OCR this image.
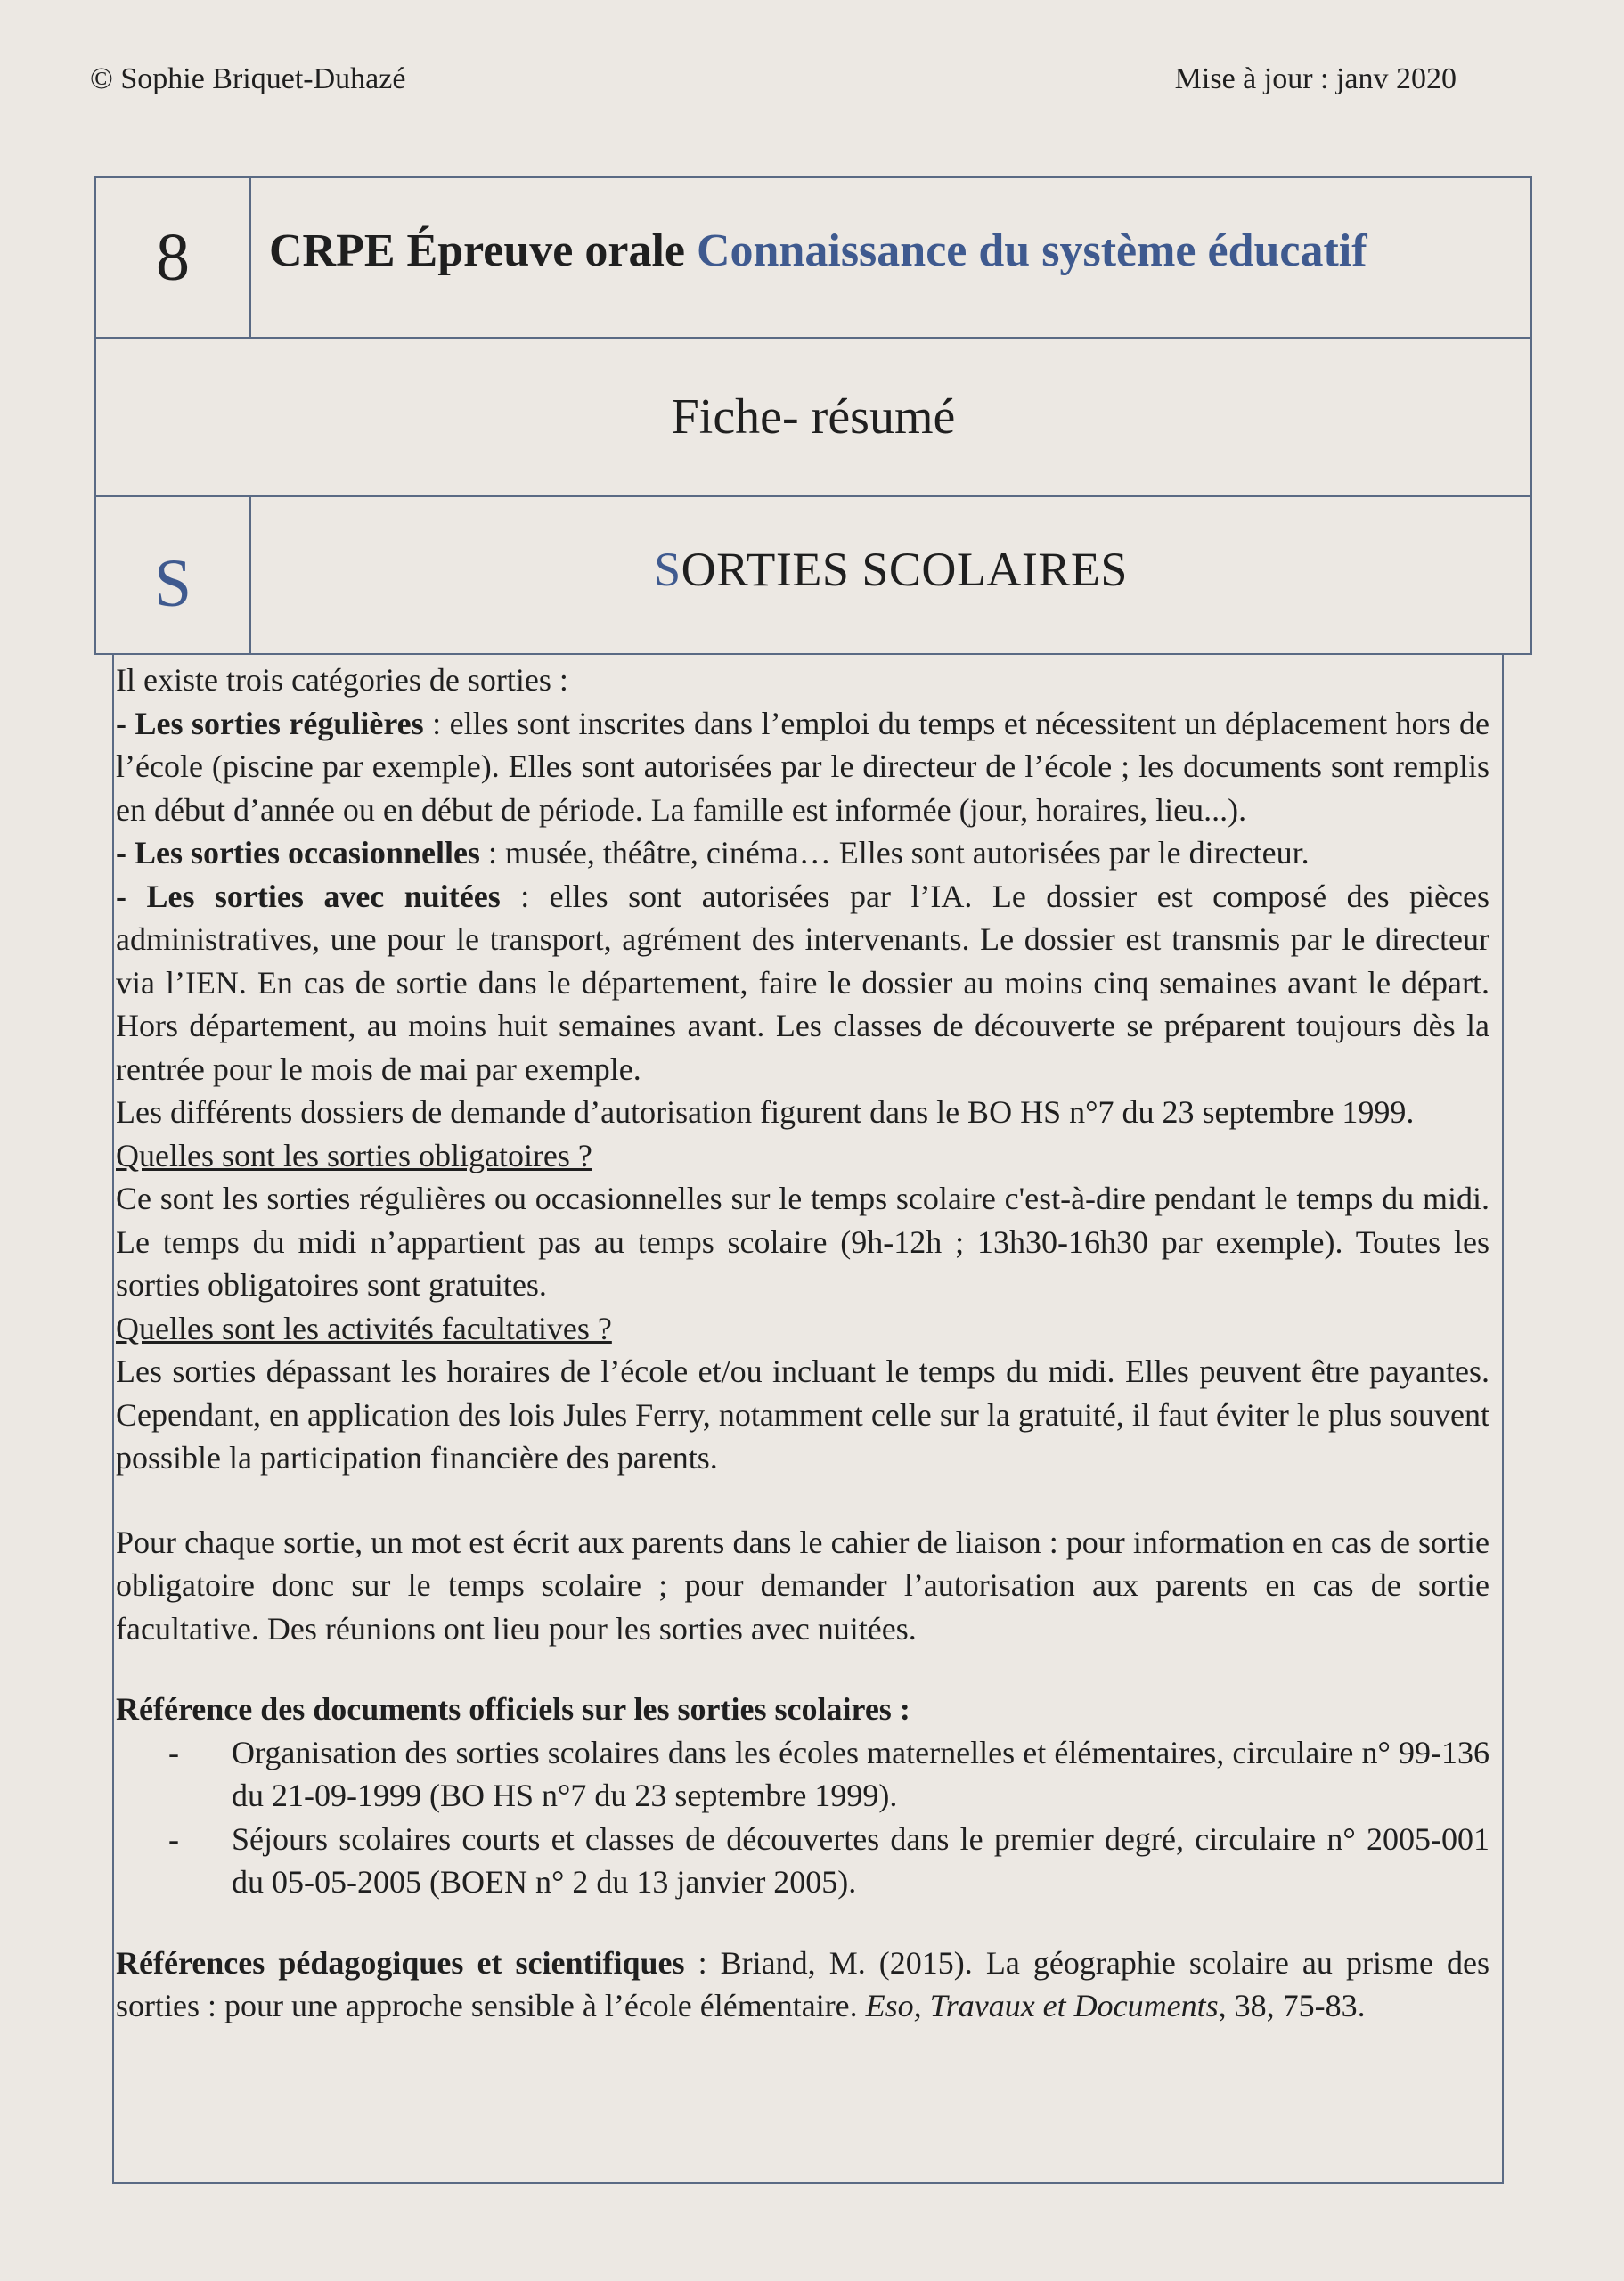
© Sophie Briquet-Duhazé	Mise à jour : janv 2020
8	CRPE Épreuve orale Connaissance du système éducatif
Fiche- résumé
S	SORTIES SCOLAIRES

Il existe trois catégories de sorties :

- Les sorties régulières : elles sont inscrites dans l’emploi du temps et nécessitent un déplacement hors de l’école (piscine par exemple). Elles sont autorisées par le directeur de l’école ; les documents sont remplis en début d’année ou en début de période. La famille est informée (jour, horaires, lieu...).

- Les sorties occasionnelles : musée, théâtre, cinéma… Elles sont autorisées par le directeur.

- Les sorties avec nuitées : elles sont autorisées par l’IA. Le dossier est composé des pièces administratives, une pour le transport, agrément des intervenants. Le dossier est transmis par le directeur via l’IEN. En cas de sortie dans le département, faire le dossier au moins cinq semaines avant le départ. Hors département, au moins huit semaines avant. Les classes de découverte se préparent toujours dès la rentrée pour le mois de mai par exemple.

Les différents dossiers de demande d’autorisation figurent dans le BO HS n°7 du 23 septembre 1999.

Quelles sont les sorties obligatoires ?

Ce sont les sorties régulières ou occasionnelles sur le temps scolaire c'est-à-dire pendant le temps du midi. Le temps du midi n’appartient pas au temps scolaire (9h-12h ; 13h30-16h30 par exemple). Toutes les sorties obligatoires sont gratuites.

Quelles sont les activités facultatives ?

Les sorties dépassant les horaires de l’école et/ou incluant le temps du midi. Elles peuvent être payantes. Cependant, en application des lois Jules Ferry, notamment celle sur la gratuité, il faut éviter le plus souvent possible la participation financière des parents.

Pour chaque sortie, un mot est écrit aux parents dans le cahier de liaison : pour information en cas de sortie obligatoire donc sur le temps scolaire ; pour demander l’autorisation aux parents en cas de sortie facultative. Des réunions ont lieu pour les sorties avec nuitées.

Référence des documents officiels sur les sorties scolaires :

-	Organisation des sorties scolaires dans les écoles maternelles et élémentaires, circulaire n° 99-136 du 21-09-1999 (BO HS n°7 du 23 septembre 1999).
-	Séjours scolaires courts et classes de découvertes dans le premier degré, circulaire n° 2005-001 du 05-05-2005 (BOEN n° 2 du 13 janvier 2005).

Références pédagogiques et scientifiques : Briand, M. (2015). La géographie scolaire au prisme des sorties : pour une approche sensible à l’école élémentaire. Eso, Travaux et Documents, 38, 75-83.
